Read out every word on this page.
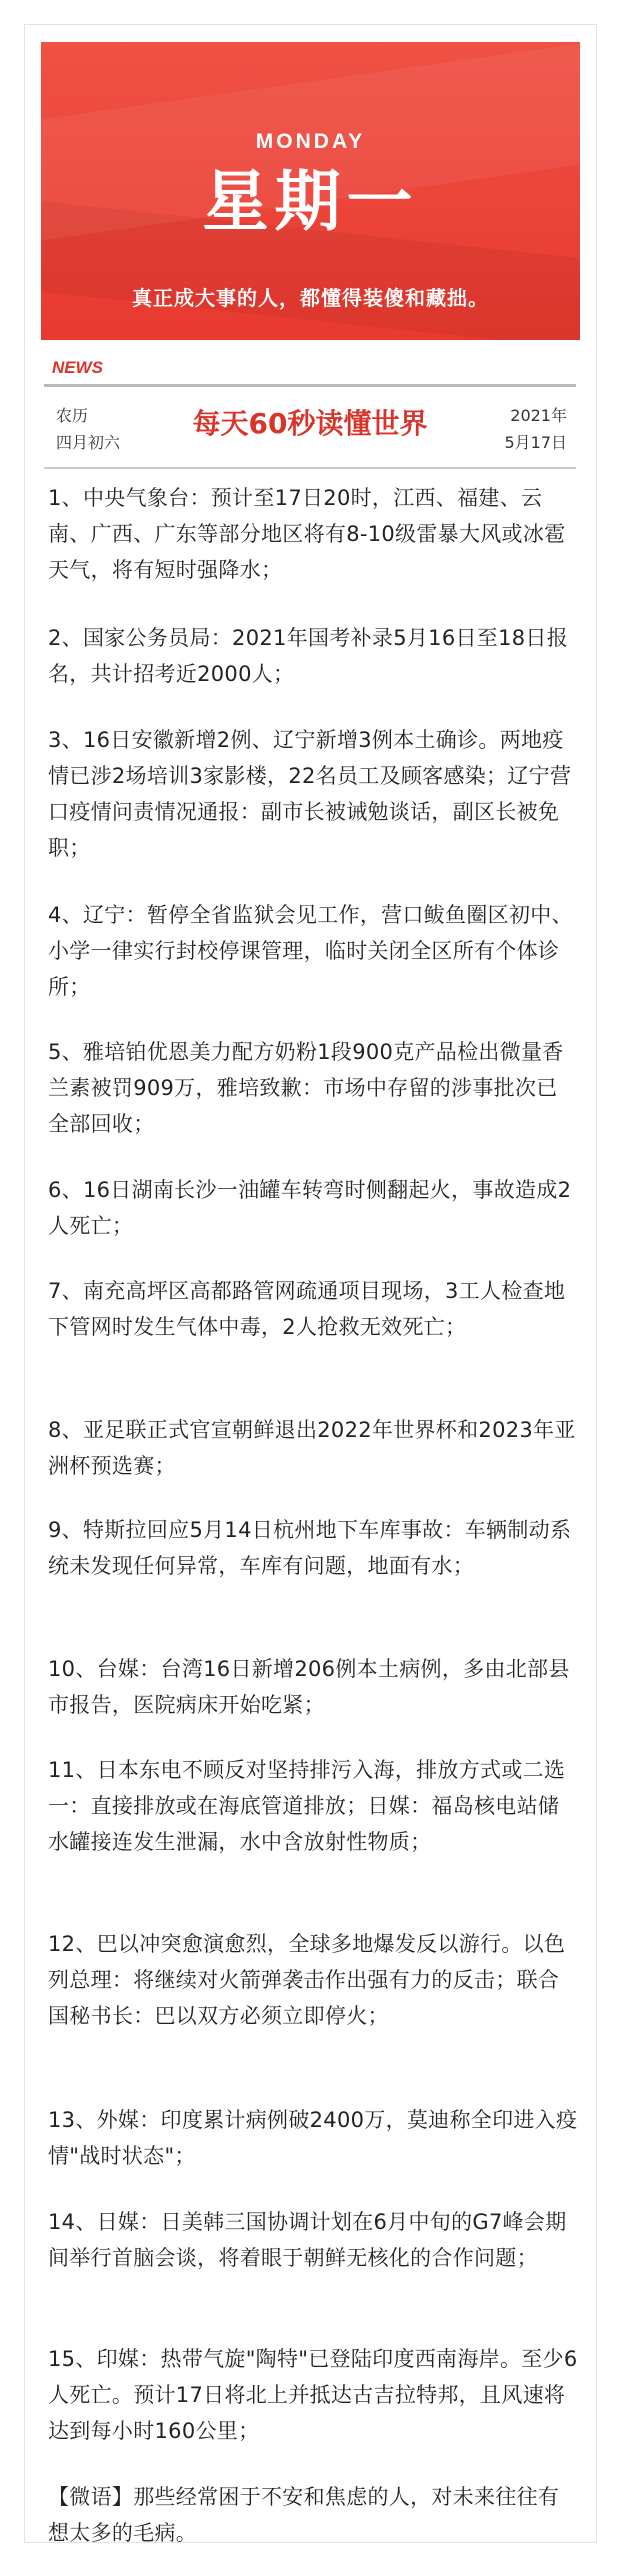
MONDAY
星期一
真正成大事的人，都懂得装傻和藏拙。
NEWS
农历
四月初六
每天60秒读懂世界	2021年
5月17日
1、中央气象台：预计至17日20时，江西、福建、云南、广西、广东等部分地区将有8-10级雷暴大风或冰雹天气，将有短时强降水；
2、国家公务员局：2021年国考补录5月16日至18日报名，共计招考近2000人；
3、16日安徽新增2例、辽宁新增3例本土确诊。两地疫情已涉2场培训3家影楼，22名员工及顾客感染；辽宁营口疫情问责情况通报：副市长被诫勉谈话，副区长被免职；
4、辽宁：暂停全省监狱会见工作，营口鲅鱼圈区初中、小学一律实行封校停课管理，临时关闭全区所有个体诊所；
5、雅培铂优恩美力配方奶粉1段900克产品检出微量香兰素被罚909万，雅培致歉：市场中存留的涉事批次已全部回收；
6、16日湖南长沙一油罐车转弯时侧翻起火，事故造成2人死亡；
7、南充高坪区高都路管网疏通项目现场，3工人检查地下管网时发生气体中毒，2人抢救无效死亡；
8、亚足联正式官宣朝鲜退出2022年世界杯和2023年亚洲杯预选赛；
9、特斯拉回应5月14日杭州地下车库事故：车辆制动系统未发现任何异常，车库有问题，地面有水；
10、台媒：台湾16日新增206例本土病例，多由北部县市报告，医院病床开始吃紧；
11、日本东电不顾反对坚持排污入海，排放方式或二选一：直接排放或在海底管道排放；日媒：福岛核电站储水罐接连发生泄漏，水中含放射性物质；
12、巴以冲突愈演愈烈，全球多地爆发反以游行。以色列总理：将继续对火箭弹袭击作出强有力的反击；联合国秘书长：巴以双方必须立即停火；
13、外媒：印度累计病例破2400万，莫迪称全印进入疫情"战时状态"；
14、日媒：日美韩三国协调计划在6月中旬的G7峰会期间举行首脑会谈，将着眼于朝鲜无核化的合作问题；
15、印媒：热带气旋"陶特"已登陆印度西南海岸。至少6人死亡。预计17日将北上并抵达古吉拉特邦，且风速将达到每小时160公里；
【微语】那些经常困于不安和焦虑的人，对未来往往有想太多的毛病。
